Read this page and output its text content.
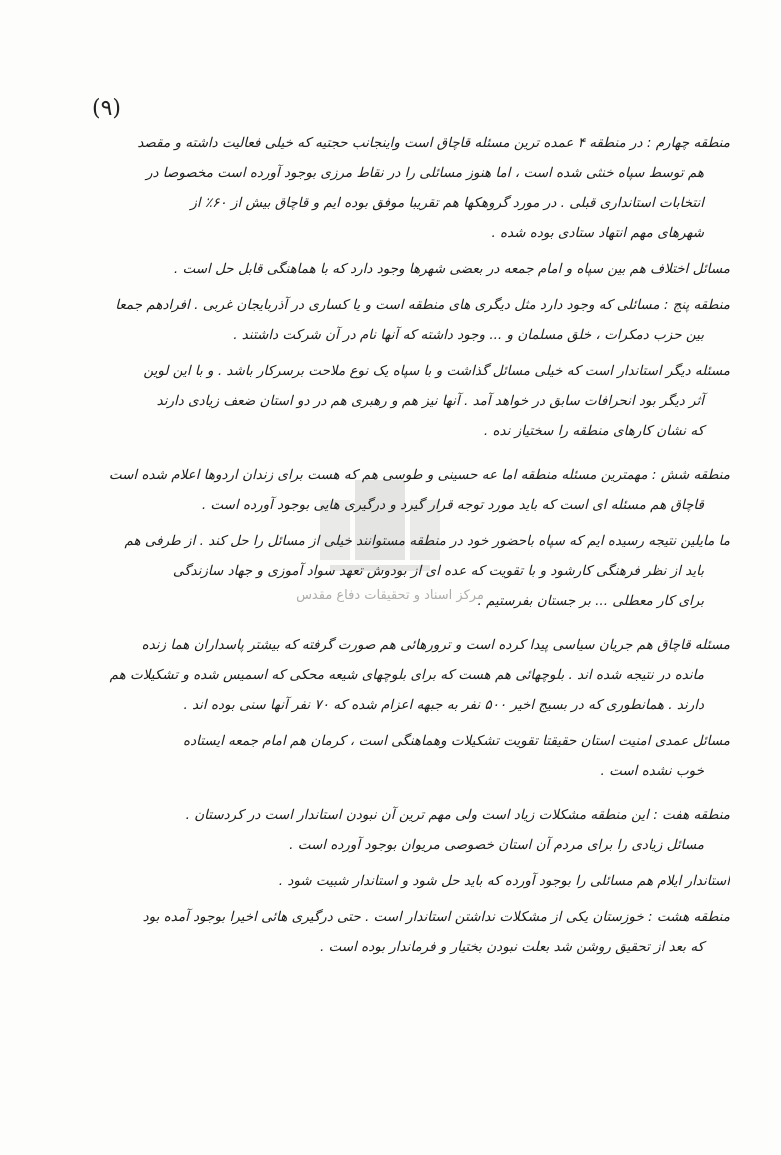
(۹)
مرکز اسناد و تحقیقات دفاع مقدس
منطقه چهارم : در منطقه ۴ عمده ترین مسئله قاچاق است واینجانب حجتیه که خیلی فعالیت داشته و مقصد
هم توسط سپاه خنثی شده است ، اما هنوز مسائلی را در نقاط مرزی بوجود آورده است مخصوصا در
انتخابات استانداری قبلی . در مورد گروهکها هم تقریبا موفق بوده ایم و قاچاق بیش از ۶۰٪ از
شهرهای مهم انتهاد ستادی بوده شده .
مسائل اختلاف هم بین سپاه و امام جمعه در بعضی شهرها وجود دارد که با هماهنگی قابل حل است .
منطقه پنج : مسائلی که وجود دارد مثل دیگری های منطقه است و یا کساری در آذربایجان غربی . افرادهم جمعا
بین حزب دمکرات ، خلق مسلمان و ... وجود داشته که آنها نام در آن شرکت داشتند .
مسئله دیگر استاندار است که خیلی مسائل گذاشت و با سپاه یک نوع ملاحت برسرکار باشد . و با این لوین
آثر دیگر بود انحرافات سابق در خواهد آمد . آنها نیز هم و رهبری هم در دو استان ضعف زیادی دارند
که نشان کارهای منطقه را سختیاز نده .
منطقه شش : مهمترین مسئله منطقه اما عه حسینی و طوسی هم که هست برای زندان اردوها اعلام شده است
قاچاق هم مسئله ای است که باید مورد توجه قرار گیرد و درگیری هایی بوجود آورده است .
ما مایلین نتیجه رسیده ایم که سپاه باحضور خود در منطقه مستوانند خیلی از مسائل را حل کند . از طرفی هم
باید از نظر فرهنگی کارشود و با تقویت که عده ای از بودوش تعهد سواد آموزی و جهاد سازندگی
برای کار معطلی ... بر جستان بفرستیم .
مسئله قاچاق هم جریان سیاسی پیدا کرده است و ترورهائی هم صورت گرفته که بیشتر پاسداران هما زنده
مانده در نتیجه شده اند . بلوچهائی هم هست که برای بلوچهای شیعه محکی که اسمیس شده و تشکیلات هم
دارند . همانطوری که در بسیج اخیر ۵۰۰ نفر به جبهه اعزام شده که ۷۰ نفر آنها سنی بوده اند .
مسائل عمدی امنیت استان حقیقتا تقویت تشکیلات وهماهنگی است ، کرمان هم امام جمعه ایستاده
خوب نشده است .
منطقه هفت : این منطقه مشکلات زیاد است ولی مهم ترین آن نبودن استاندار است در کردستان .
مسائل زیادی را برای مردم آن استان خصوصی مریوان بوجود آورده است .
استاندار ایلام هم مسائلی را بوجود آورده که باید حل شود و استاندار شبیت شود .
منطقه هشت : خوزستان یکی از مشکلات نداشتن استاندار است . حتی درگیری هائی اخیرا بوجود آمده بود
که بعد از تحقیق روشن شد بعلت نبودن بختیار و فرماندار بوده است .
